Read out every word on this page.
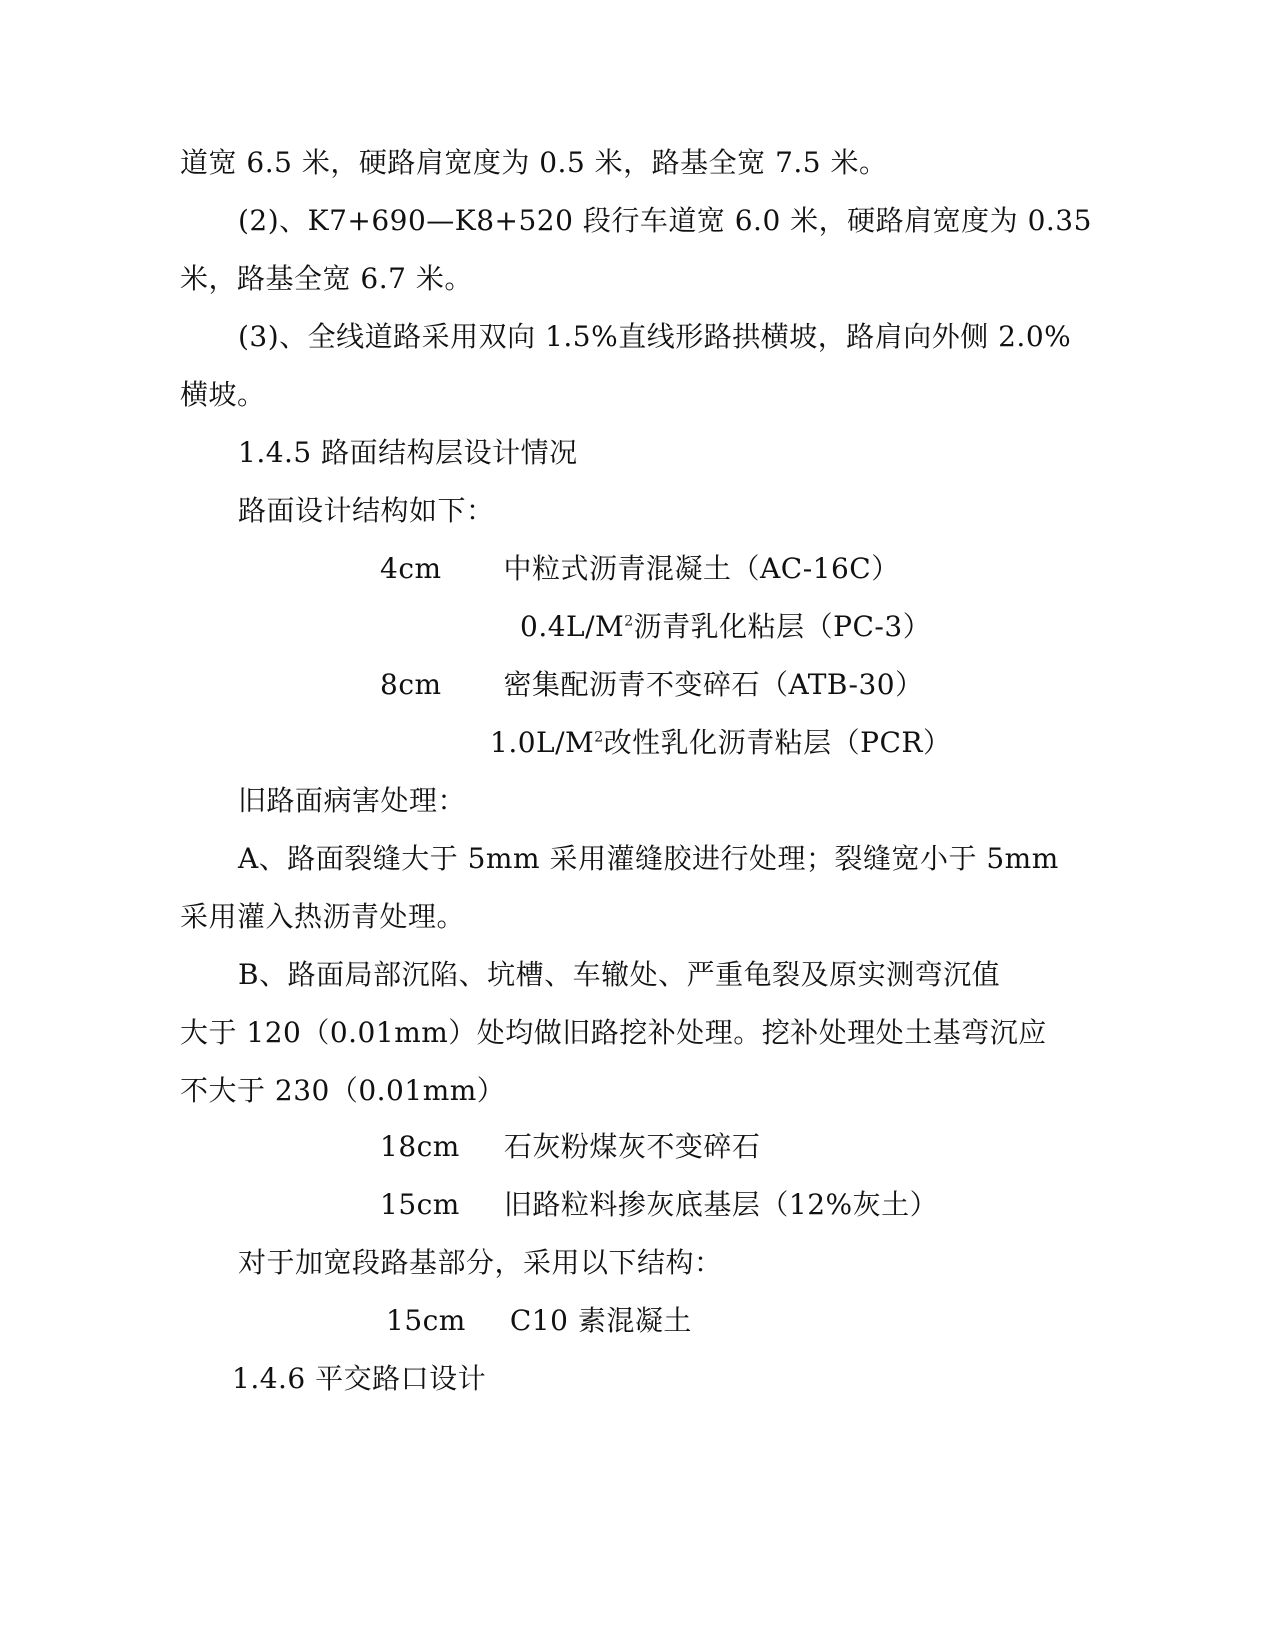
道宽 6.5 米，硬路肩宽度为 0.5 米，路基全宽 7.5 米。
(2)、K7+690—K8+520 段行车道宽 6.0 米，硬路肩宽度为 0.35
米，路基全宽 6.7 米。
(3)、全线道路采用双向 1.5%直线形路拱横坡，路肩向外侧 2.0%
横坡。
1.4.5 路面结构层设计情况
路面设计结构如下：
4cm 中粒式沥青混凝土（AC-16C）
$0.4L/M^2$沥青乳化粘层（PC-3）
8cm 密集配沥青不变碎石（ATB-30）
$1.0L/M^2$改性乳化沥青粘层（PCR）
旧路面病害处理：
A、路面裂缝大于 5mm 采用灌缝胶进行处理；裂缝宽小于 5mm
采用灌入热沥青处理。
B、路面局部沉陷、坑槽、车辙处、严重龟裂及原实测弯沉值
大于 120（0.01mm）处均做旧路挖补处理。挖补处理处土基弯沉应
不大于 230（0.01mm）
18cm 石灰粉煤灰不变碎石
15cm 旧路粒料掺灰底基层（12%灰土）
对于加宽段路基部分，采用以下结构：
15cm C10 素混凝土
1.4.6 平交路口设计
